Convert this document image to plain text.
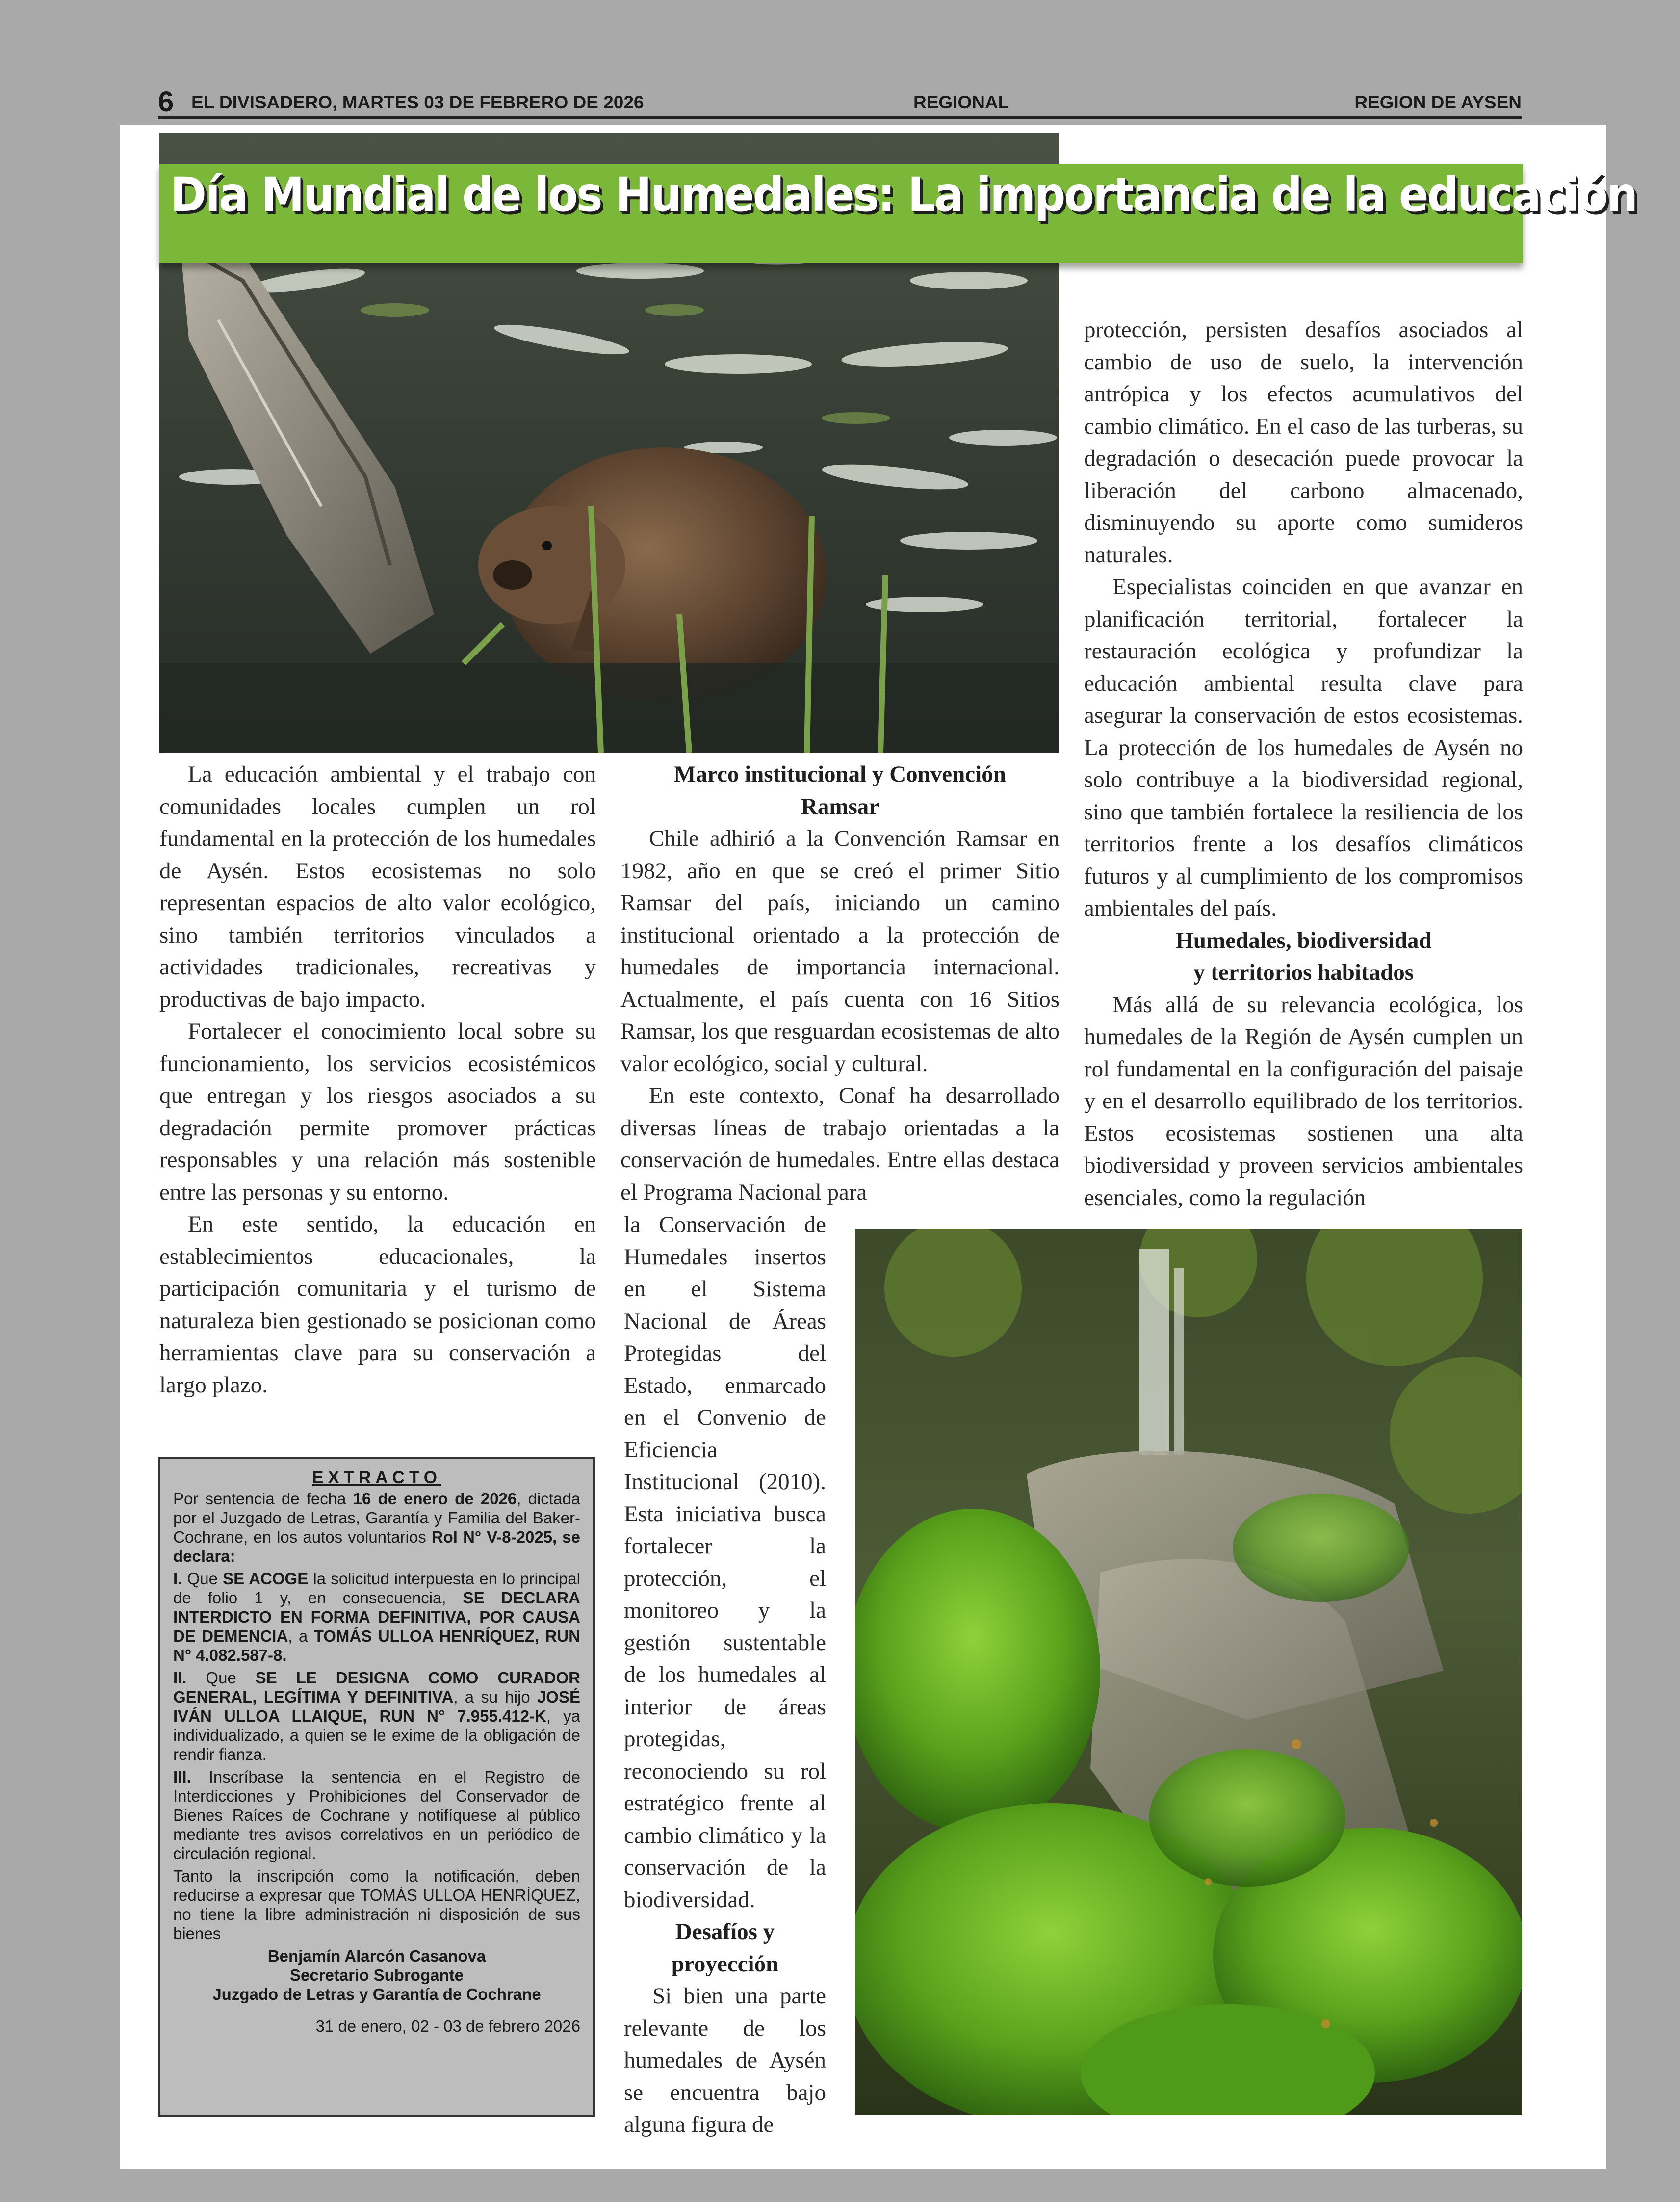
6 EL DIVISADERO, MARTES 03 DE FEBRERO DE 2026	REGIONAL	REGION DE AYSEN
Día Mundial de los Humedales: La importancia de la educación

La educación ambiental y el trabajo con comunidades locales cumplen un rol fundamental en la protección de los humedales de Aysén. Estos ecosistemas no solo representan espacios de alto valor ecológico, sino también territorios vinculados a actividades tradicionales, recreativas y productivas de bajo impacto.

Fortalecer el conocimiento local sobre su funcionamiento, los servicios ecosistémicos que entregan y los riesgos asociados a su degradación permite promover prácticas responsables y una relación más sostenible entre las personas y su entorno.

En este sentido, la educación en establecimientos educacionales, la participación comunitaria y el turismo de naturaleza bien gestionado se posicionan como herramientas clave para su conservación a largo plazo.

Marco institucional y Convención Ramsar

Chile adhirió a la Convención Ramsar en 1982, año en que se creó el primer Sitio Ramsar del país, iniciando un camino institucional orientado a la protección de humedales de importancia internacional. Actualmente, el país cuenta con 16 Sitios Ramsar, los que resguardan ecosistemas de alto valor ecológico, social y cultural.

En este contexto, Conaf ha desarrollado diversas líneas de trabajo orientadas a la conservación de humedales. Entre ellas destaca el Programa Nacional para

la Conservación de Humedales insertos en el Sistema Nacional de Áreas Protegidas del Estado, enmarcado en el Convenio de Eficiencia Institucional (2010). Esta iniciativa busca fortalecer la protección, el monitoreo y la gestión sustentable de los humedales al interior de áreas protegidas, reconociendo su rol estratégico frente al cambio climático y la conservación de la biodiversidad.

Desafíos y proyección

Si bien una parte relevante de los humedales de Aysén se encuentra bajo alguna figura de

protección, persisten desafíos asociados al cambio de uso de suelo, la intervención antrópica y los efectos acumulativos del cambio climático. En el caso de las turberas, su degradación o desecación puede provocar la liberación del carbono almacenado, disminuyendo su aporte como sumideros naturales.

Especialistas coinciden en que avanzar en planificación territorial, fortalecer la restauración ecológica y profundizar la educación ambiental resulta clave para asegurar la conservación de estos ecosistemas. La protección de los humedales de Aysén no solo contribuye a la biodiversidad regional, sino que también fortalece la resiliencia de los territorios frente a los desafíos climáticos futuros y al cumplimiento de los compromisos ambientales del país.

Humedales, biodiversidad
y territorios habitados

Más allá de su relevancia ecológica, los humedales de la Región de Aysén cumplen un rol fundamental en la configuración del paisaje y en el desarrollo equilibrado de los territorios. Estos ecosistemas sostienen una alta biodiversidad y proveen servicios ambientales esenciales, como la regulación

EXTRACTO

Por sentencia de fecha 16 de enero de 2026, dictada por el Juzgado de Letras, Garantía y Familia del Baker-Cochrane, en los autos voluntarios Rol N° V-8-2025, se declara:

I. Que SE ACOGE la solicitud interpuesta en lo principal de folio 1 y, en consecuencia, SE DECLARA INTERDICTO EN FORMA DEFINITIVA, POR CAUSA DE DEMENCIA, a TOMÁS ULLOA HENRÍQUEZ, RUN N° 4.082.587-8.

II. Que SE LE DESIGNA COMO CURADOR GENERAL, LEGÍTIMA Y DEFINITIVA, a su hijo JOSÉ IVÁN ULLOA LLAIQUE, RUN N° 7.955.412-K, ya individualizado, a quien se le exime de la obligación de rendir fianza.

III. Inscríbase la sentencia en el Registro de Interdicciones y Prohibiciones del Conservador de Bienes Raíces de Cochrane y notifíquese al público mediante tres avisos correlativos en un periódico de circulación regional.

Tanto la inscripción como la notificación, deben reducirse a expresar que TOMÁS ULLOA HENRÍQUEZ, no tiene la libre administración ni disposición de sus bienes

Benjamín Alarcón Casanova
Secretario Subrogante
Juzgado de Letras y Garantía de Cochrane
31 de enero, 02 - 03 de febrero 2026
